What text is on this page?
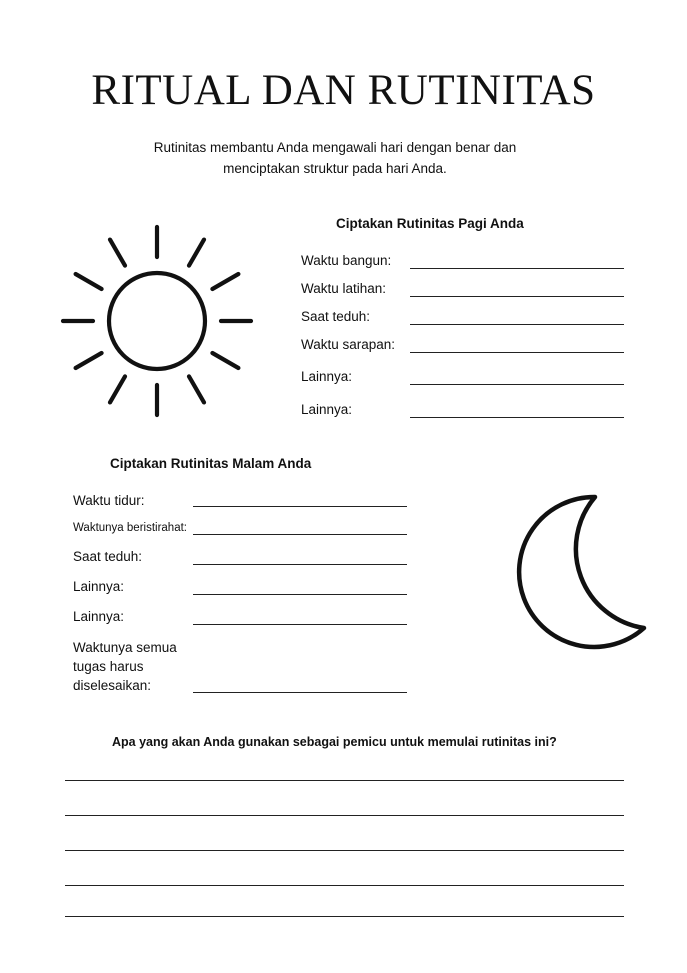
RITUAL DAN RUTINITAS
Rutinitas membantu Anda mengawali hari dengan benar dan
menciptakan struktur pada hari Anda.
Ciptakan Rutinitas Pagi Anda
Waktu bangun:
Waktu latihan:
Saat teduh:
Waktu sarapan:
Lainnya:
Lainnya:
Ciptakan Rutinitas Malam Anda
Waktu tidur:
Waktunya beristirahat:
Saat teduh:
Lainnya:
Lainnya:
Waktunya semua
tugas harus
diselesaikan:
Apa yang akan Anda gunakan sebagai pemicu untuk memulai rutinitas ini?
